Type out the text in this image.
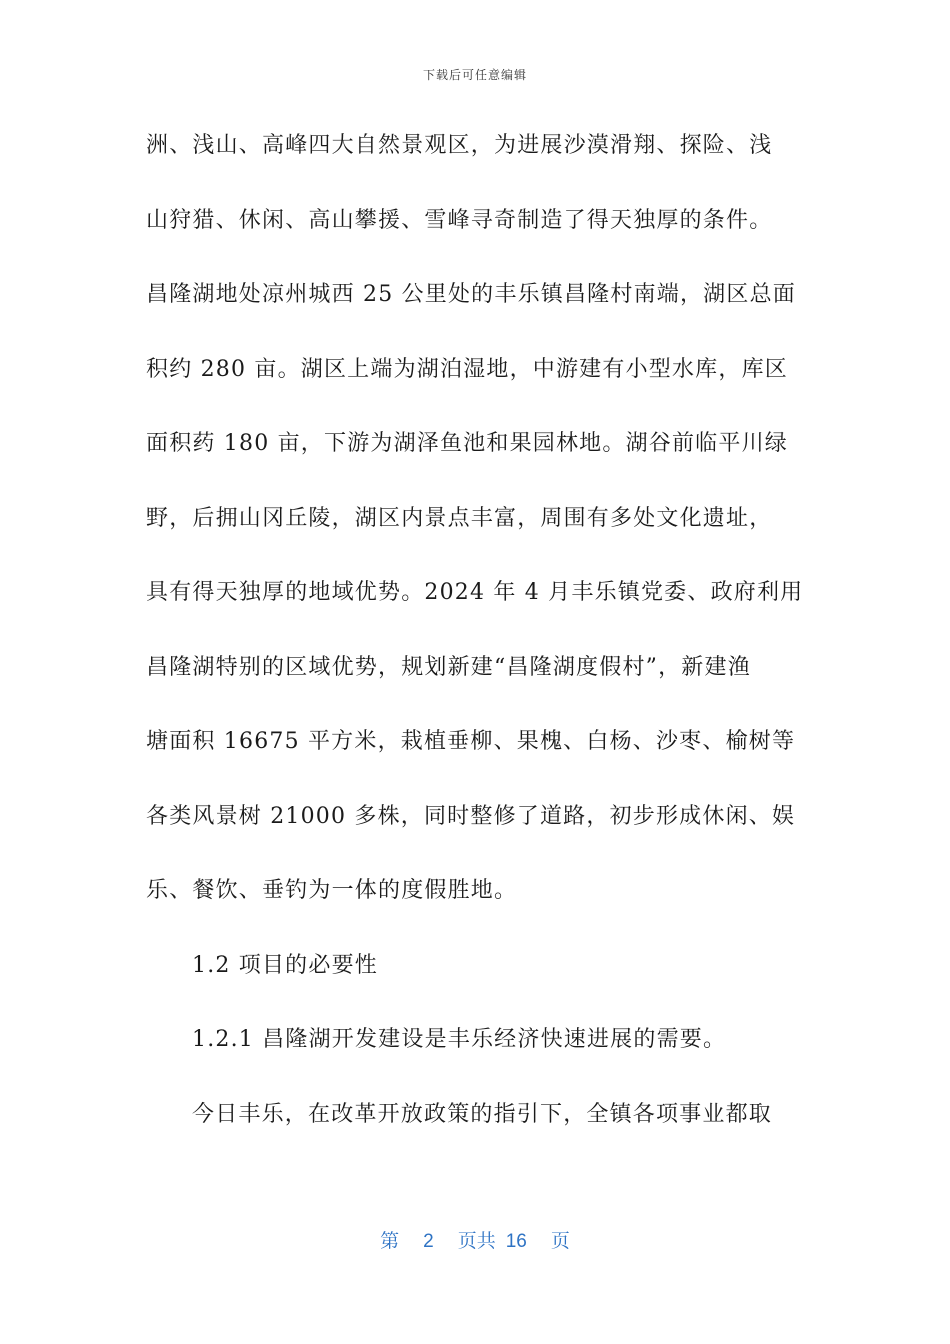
下载后可任意编辑
洲、浅山、高峰四大自然景观区，为进展沙漠滑翔、探险、浅
山狩猎、休闲、高山攀援、雪峰寻奇制造了得天独厚的条件。
昌隆湖地处凉州城西 25 公里处的丰乐镇昌隆村南端，湖区总面
积约 280 亩。湖区上端为湖泊湿地，中游建有小型水库，库区
面积药 180 亩，下游为湖泽鱼池和果园林地。湖谷前临平川绿
野，后拥山冈丘陵，湖区内景点丰富，周围有多处文化遗址，
具有得天独厚的地域优势。2024 年 4 月丰乐镇党委、政府利用
昌隆湖特别的区域优势，规划新建“昌隆湖度假村”，新建渔
塘面积 16675 平方米，栽植垂柳、果槐、白杨、沙枣、榆树等
各类风景树 21000 多株，同时整修了道路，初步形成休闲、娱
乐、餐饮、垂钓为一体的度假胜地。
1.2 项目的必要性
1.2.1 昌隆湖开发建设是丰乐经济快速进展的需要。
今日丰乐，在改革开放政策的指引下，全镇各项事业都取
第 2 页共 16 页
